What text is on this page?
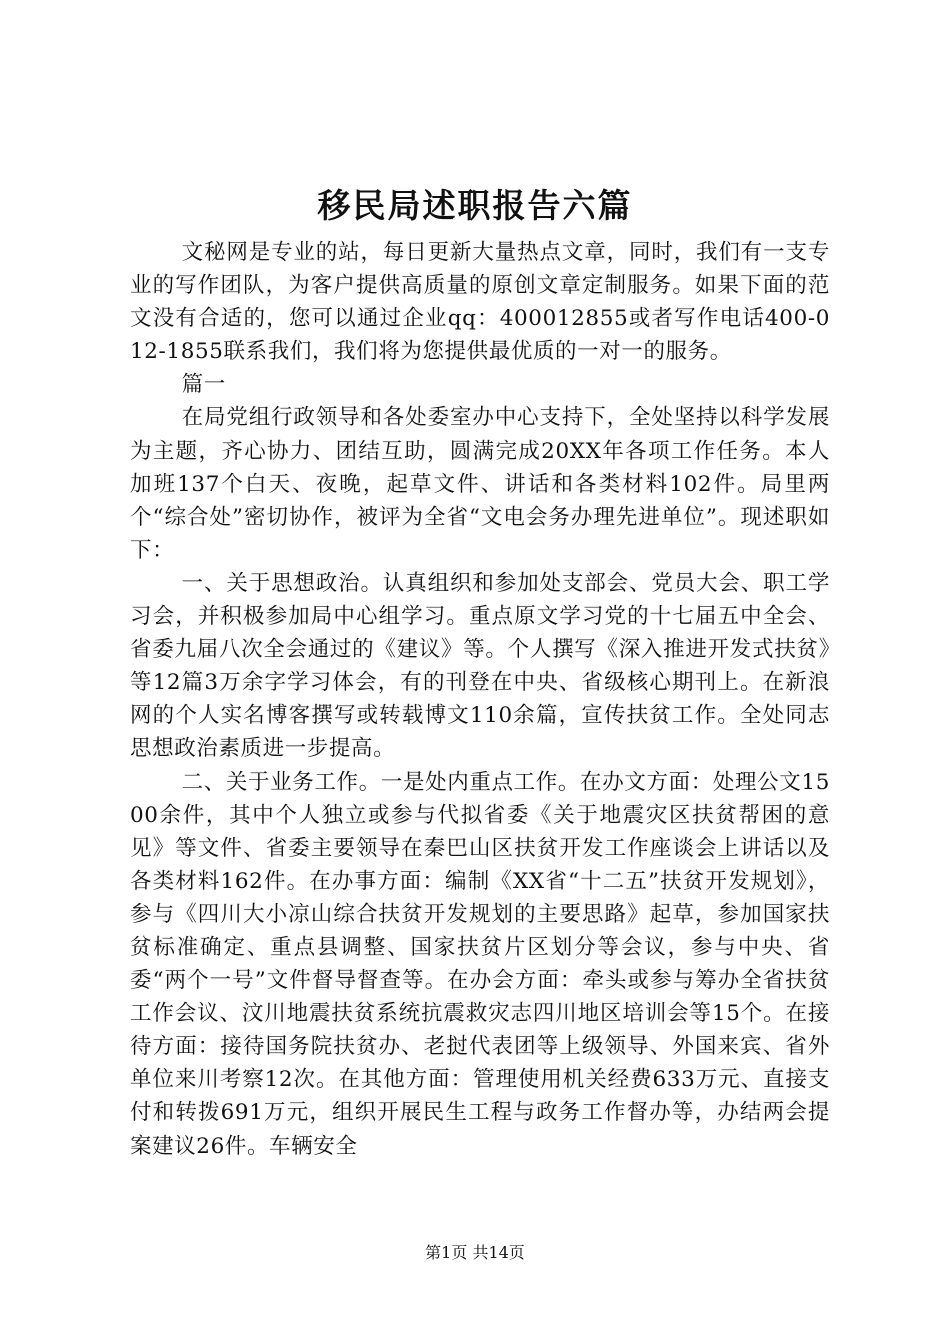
移民局述职报告六篇

文秘网是专业的站，每日更新大量热点文章，同时，我们有一支专业的写作团队，为客户提供高质量的原创文章定制服务。如果下面的范文没有合适的，您可以通过企业qq：400012855或者写作电话400-012-1855联系我们，我们将为您提供最优质的一对一的服务。

篇一

在局党组行政领导和各处委室办中心支持下，全处坚持以科学发展为主题，齐心协力、团结互助，圆满完成20XX年各项工作任务。本人加班137个白天、夜晚，起草文件、讲话和各类材料102件。局里两个“综合处”密切协作，被评为全省“文电会务办理先进单位”。现述职如下：

一、关于思想政治。认真组织和参加处支部会、党员大会、职工学习会，并积极参加局中心组学习。重点原文学习党的十七届五中全会、省委九届八次全会通过的《建议》等。个人撰写《深入推进开发式扶贫》等12篇3万余字学习体会，有的刊登在中央、省级核心期刊上。在新浪网的个人实名博客撰写或转载博文110余篇，宣传扶贫工作。全处同志思想政治素质进一步提高。

二、关于业务工作。一是处内重点工作。在办文方面：处理公文1500余件，其中个人独立或参与代拟省委《关于地震灾区扶贫帮困的意见》等文件、省委主要领导在秦巴山区扶贫开发工作座谈会上讲话以及各类材料162件。在办事方面：编制《XX省“十二五”扶贫开发规划》，参与《四川大小凉山综合扶贫开发规划的主要思路》起草，参加国家扶贫标准确定、重点县调整、国家扶贫片区划分等会议，参与中央、省委“两个一号”文件督导督查等。在办会方面：牵头或参与筹办全省扶贫工作会议、汶川地震扶贫系统抗震救灾志四川地区培训会等15个。在接待方面：接待国务院扶贫办、老挝代表团等上级领导、外国来宾、省外单位来川考察12次。在其他方面：管理使用机关经费633万元、直接支付和转拨691万元，组织开展民生工程与政务工作督办等，办结两会提案建议26件。车辆安全

第1页 共14页
